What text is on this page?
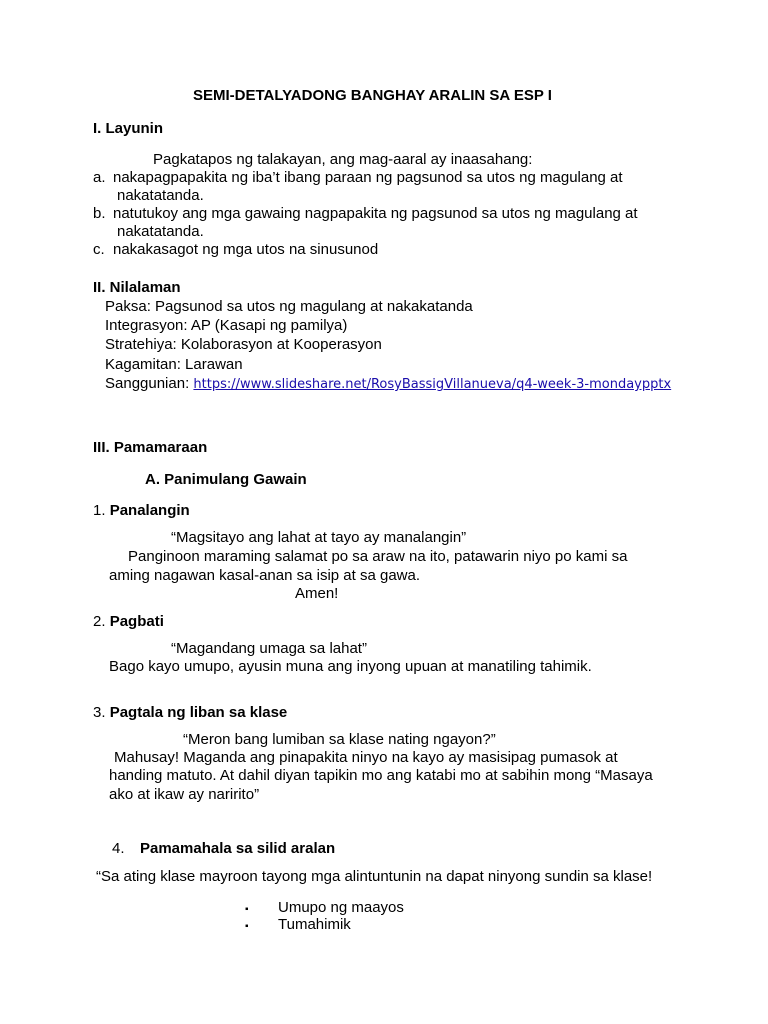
SEMI-DETALYADONG BANGHAY ARALIN SA ESP I
I. Layunin
Pagkatapos ng talakayan, ang mag-aaral ay inaasahang:
a. nakapagpapakita ng iba’t ibang paraan ng pagsunod sa utos ng magulang at
nakatatanda.
b. natutukoy ang mga gawaing nagpapakita ng pagsunod sa utos ng magulang at
nakatatanda.
c. nakakasagot ng mga utos na sinusunod
II. Nilalaman
Paksa: Pagsunod sa utos ng magulang at nakakatanda
Integrasyon: AP (Kasapi ng pamilya)
Stratehiya: Kolaborasyon at Kooperasyon
Kagamitan: Larawan
Sanggunian: https://www.slideshare.net/RosyBassigVillanueva/q4-week-3-mondaypptx
III. Pamamaraan
A. Panimulang Gawain
1. Panalangin
“Magsitayo ang lahat at tayo ay manalangin”
Panginoon maraming salamat po sa araw na ito, patawarin niyo po kami sa
aming nagawan kasal-anan sa isip at sa gawa.
Amen!
2. Pagbati
“Magandang umaga sa lahat”
Bago kayo umupo, ayusin muna ang inyong upuan at manatiling tahimik.
3. Pagtala ng liban sa klase
“Meron bang lumiban sa klase nating ngayon?”
Mahusay! Maganda ang pinapakita ninyo na kayo ay masisipag pumasok at
handing matuto. At dahil diyan tapikin mo ang katabi mo at sabihin mong “Masaya
ako at ikaw ay naririto”
4. Pamamahala sa silid aralan
“Sa ating klase mayroon tayong mga alintuntunin na dapat ninyong sundin sa klase!
▪ Umupo ng maayos
▪ Tumahimik
